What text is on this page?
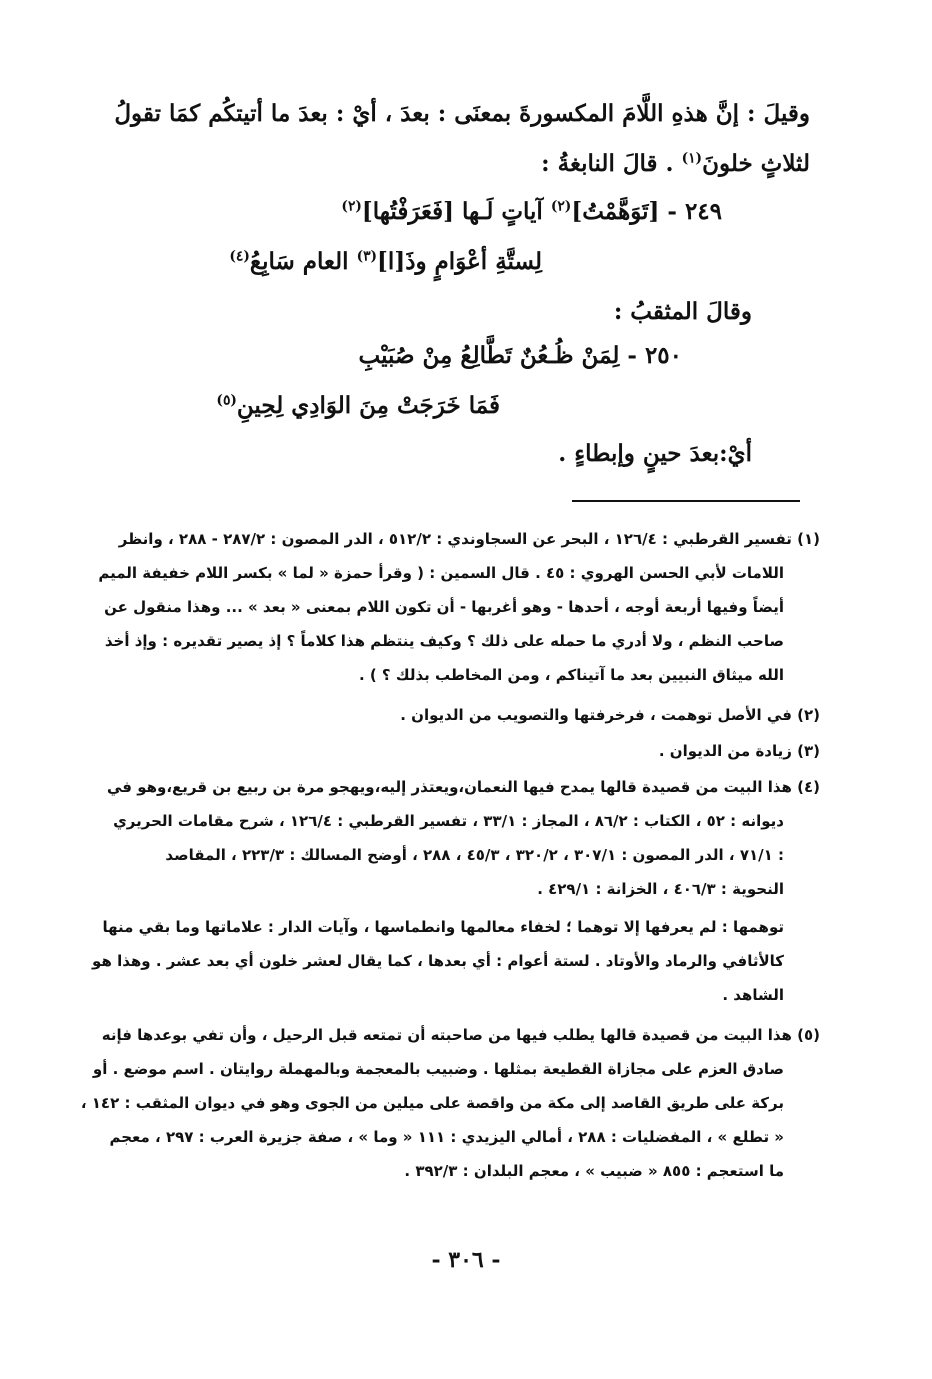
وقيلَ : إنَّ هذهِ اللَّامَ المكسورةَ بمعنَى : بعدَ ، أيْ : بعدَ ما أتيتكُم كمَا تقولُ
لثلاثٍ خلونَ$^{(١)}$ . قالَ النابغةُ :
٢٤٩ - [تَوَهَّمْتُ]$^{(٢)}$ آياتٍ لَـها [فَعَرَفْتُها]$^{(٢)}$
لِستَّةِ أعْوَامٍ وذَ[ا]$^{(٣)}$ العام سَابِعُ$^{(٤)}$
وقالَ المثقبُ :
٢٥٠ - لِمَنْ ظُـعُنٌ تَطَّالِعُ مِنْ صُبَيْبِ
فَمَا خَرَجَتْ مِنَ الوَادِي لِحِينِ$^{(٥)}$
أيْ:بعدَ حينٍ وإبطاءٍ .
(١) تفسير القرطبي : ١٢٦/٤ ، البحر عن السجاوندي : ٥١٢/٢ ، الدر المصون : ٢٨٧/٢ - ٢٨٨ ، وانظر
اللامات لأبي الحسن الهروي : ٤٥ . قال السمين : ( وقرأ حمزة « لما » بكسر اللام خفيفة الميم
أيضاً وفيها أربعة أوجه ، أحدها - وهو أغربها - أن تكون اللام بمعنى « بعد » ... وهذا منقول عن
صاحب النظم ، ولا أدري ما حمله على ذلك ؟ وكيف ينتظم هذا كلاماً ؟ إذ يصير تقديره : وإذ أخذ
الله ميثاق النبيين بعد ما آتيناكم ، ومن المخاطب بذلك ؟ ) .
(٢) في الأصل توهمت ، فرخرفتها والتصويب من الديوان .
(٣) زيادة من الديوان .
(٤) هذا البيت من قصيدة قالها يمدح فيها النعمان،ويعتذر إليه،ويهجو مرة بن ربيع بن قريع،وهو في
ديوانه : ٥٢ ، الكتاب : ٨٦/٢ ، المجاز : ٣٣/١ ، تفسير القرطبي : ١٢٦/٤ ، شرح مقامات الحريري
: ٧١/١ ، الدر المصون : ٣٠٧/١ ، ٣٢٠/٢ ، ٤٥/٣ ، ٢٨٨ ، أوضح المسالك : ٢٢٣/٣ ، المقاصد
النحوية : ٤٠٦/٣ ، الخزانة : ٤٢٩/١ .
توهمها : لم يعرفها إلا توهما ؛ لخفاء معالمها وانطماسها ، وآيات الدار : علاماتها وما بقي منها
كالأثافي والرماد والأوتاد . لستة أعوام : أي بعدها ، كما يقال لعشر خلون أي بعد عشر . وهذا هو
الشاهد .
(٥) هذا البيت من قصيدة قالها يطلب فيها من صاحبته أن تمتعه قبل الرحيل ، وأن تفي بوعدها فإنه
صادق العزم على مجازاة القطيعة بمثلها . وضبيب بالمعجمة وبالمهملة روايتان . اسم موضع . أو
بركة على طريق القاصد إلى مكة من واقصة على ميلين من الجوى وهو في ديوان المثقب : ١٤٢ ،
« تطلع » ، المفضليات : ٢٨٨ ، أمالي اليزيدي : ١١١ « وما » ، صفة جزيرة العرب : ٢٩٧ ، معجم
ما استعجم : ٨٥٥ « ضبيب » ، معجم البلدان : ٣٩٢/٣ .
- ٣٠٦ -
